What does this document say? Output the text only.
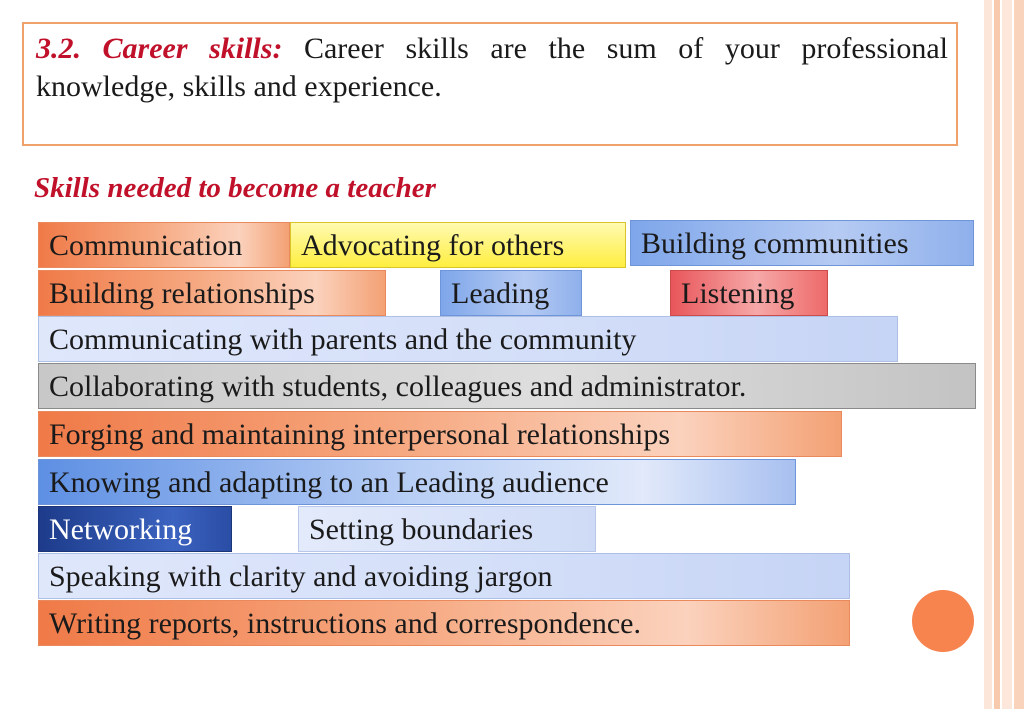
3.2. Career skills: Career skills are the sum of your professional knowledge, skills and experience.

Skills needed to become a teacher
Communication	Advocating for others	Building communities
Building relationships	Leading	Listening
Communicating with parents and the community
Collaborating with students, colleagues and administrator.
Forging and maintaining interpersonal relationships
Knowing and adapting to an Leading audience
Networking	Setting boundaries
Speaking with clarity and avoiding jargon
Writing reports, instructions and correspondence.
